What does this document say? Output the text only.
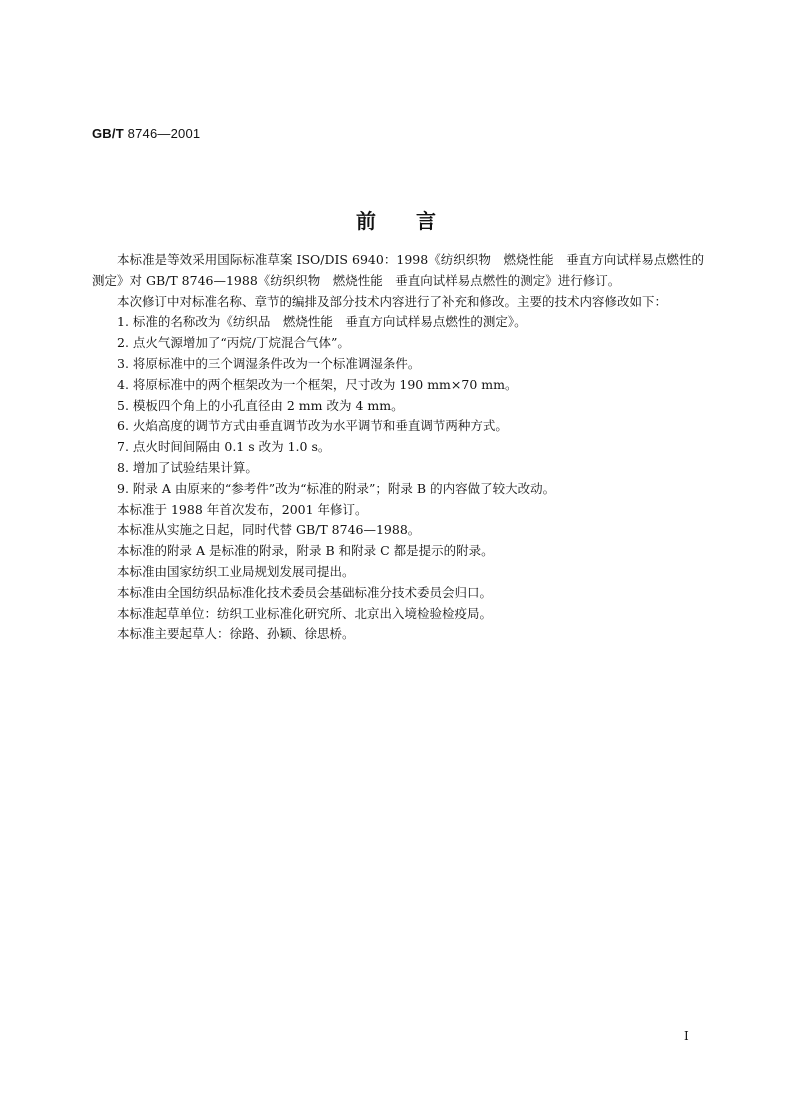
GB/T 8746—2001
前言

本标准是等效采用国际标准草案 ISO/DIS 6940：1998《纺织织物　燃烧性能　垂直方向试样易点燃性的测定》对 GB/T 8746—1988《纺织织物　燃烧性能　垂直向试样易点燃性的测定》进行修订。

本次修订中对标准名称、章节的编排及部分技术内容进行了补充和修改。主要的技术内容修改如下：

1. 标准的名称改为《纺织品　燃烧性能　垂直方向试样易点燃性的测定》。

2. 点火气源增加了“丙烷/丁烷混合气体”。

3. 将原标准中的三个调湿条件改为一个标准调湿条件。

4. 将原标准中的两个框架改为一个框架，尺寸改为 190 mm×70 mm。

5. 模板四个角上的小孔直径由 2 mm 改为 4 mm。

6. 火焰高度的调节方式由垂直调节改为水平调节和垂直调节两种方式。

7. 点火时间间隔由 0.1 s 改为 1.0 s。

8. 增加了试验结果计算。

9. 附录 A 由原来的“参考件”改为“标准的附录”；附录 B 的内容做了较大改动。

本标准于 1988 年首次发布，2001 年修订。

本标准从实施之日起，同时代替 GB/T 8746—1988。

本标准的附录 A 是标准的附录，附录 B 和附录 C 都是提示的附录。

本标准由国家纺织工业局规划发展司提出。

本标准由全国纺织品标准化技术委员会基础标准分技术委员会归口。

本标准起草单位：纺织工业标准化研究所、北京出入境检验检疫局。

本标准主要起草人：徐路、孙颖、徐思桥。

I
